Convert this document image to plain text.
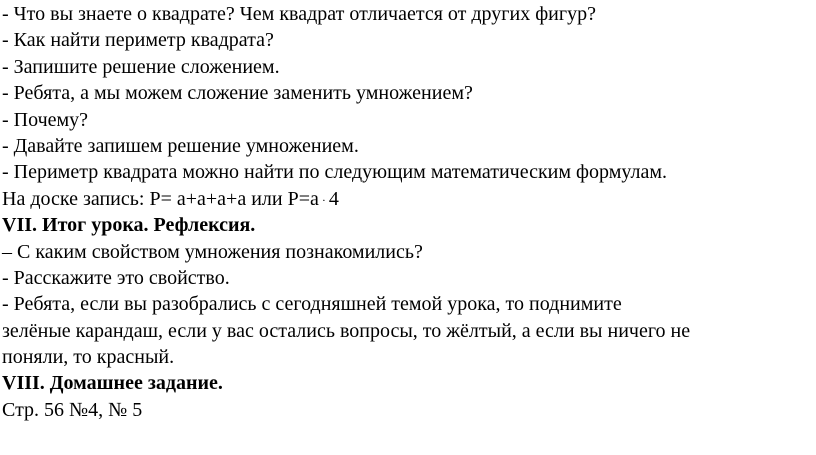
- Что вы знаете о квадрате? Чем квадрат отличается от других фигур?
- Как найти периметр квадрата?
- Запишите решение сложением.
- Ребята, а мы можем сложение заменить умножением?
- Почему?
- Давайте запишем решение умножением.
- Периметр квадрата можно найти по следующим математическим формулам.
На доске запись: Р= а+а+а+а или Р=а · 4
VII. Итог урока. Рефлексия.
– С каким свойством умножения познакомились?
- Расскажите это свойство.
- Ребята, если вы разобрались с сегодняшней темой урока, то поднимите
зелёные карандаш, если у вас остались вопросы, то жёлтый, а если вы ничего не
поняли, то красный.
VIII. Домашнее задание.
Стр. 56 №4, № 5
